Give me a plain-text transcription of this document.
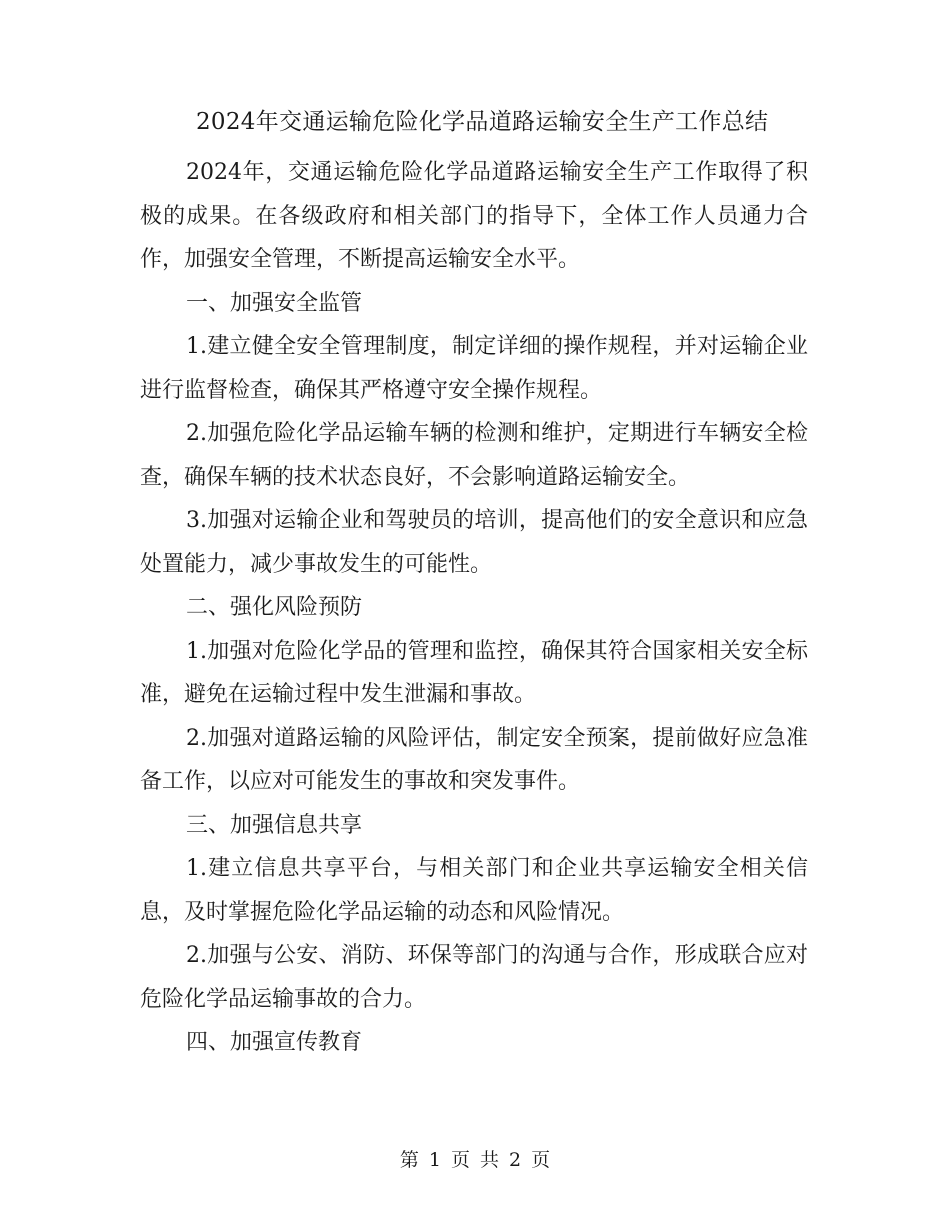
2024年交通运输危险化学品道路运输安全生产工作总结

2024年，交通运输危险化学品道路运输安全生产工作取得了积极的成果。在各级政府和相关部门的指导下，全体工作人员通力合作，加强安全管理，不断提高运输安全水平。

一、加强安全监管

1.建立健全安全管理制度，制定详细的操作规程，并对运输企业进行监督检查，确保其严格遵守安全操作规程。

2.加强危险化学品运输车辆的检测和维护，定期进行车辆安全检查，确保车辆的技术状态良好，不会影响道路运输安全。

3.加强对运输企业和驾驶员的培训，提高他们的安全意识和应急处置能力，减少事故发生的可能性。

二、强化风险预防

1.加强对危险化学品的管理和监控，确保其符合国家相关安全标准，避免在运输过程中发生泄漏和事故。

2.加强对道路运输的风险评估，制定安全预案，提前做好应急准备工作，以应对可能发生的事故和突发事件。

三、加强信息共享

1.建立信息共享平台，与相关部门和企业共享运输安全相关信息，及时掌握危险化学品运输的动态和风险情况。

2.加强与公安、消防、环保等部门的沟通与合作，形成联合应对危险化学品运输事故的合力。

四、加强宣传教育

第 1 页 共 2 页
